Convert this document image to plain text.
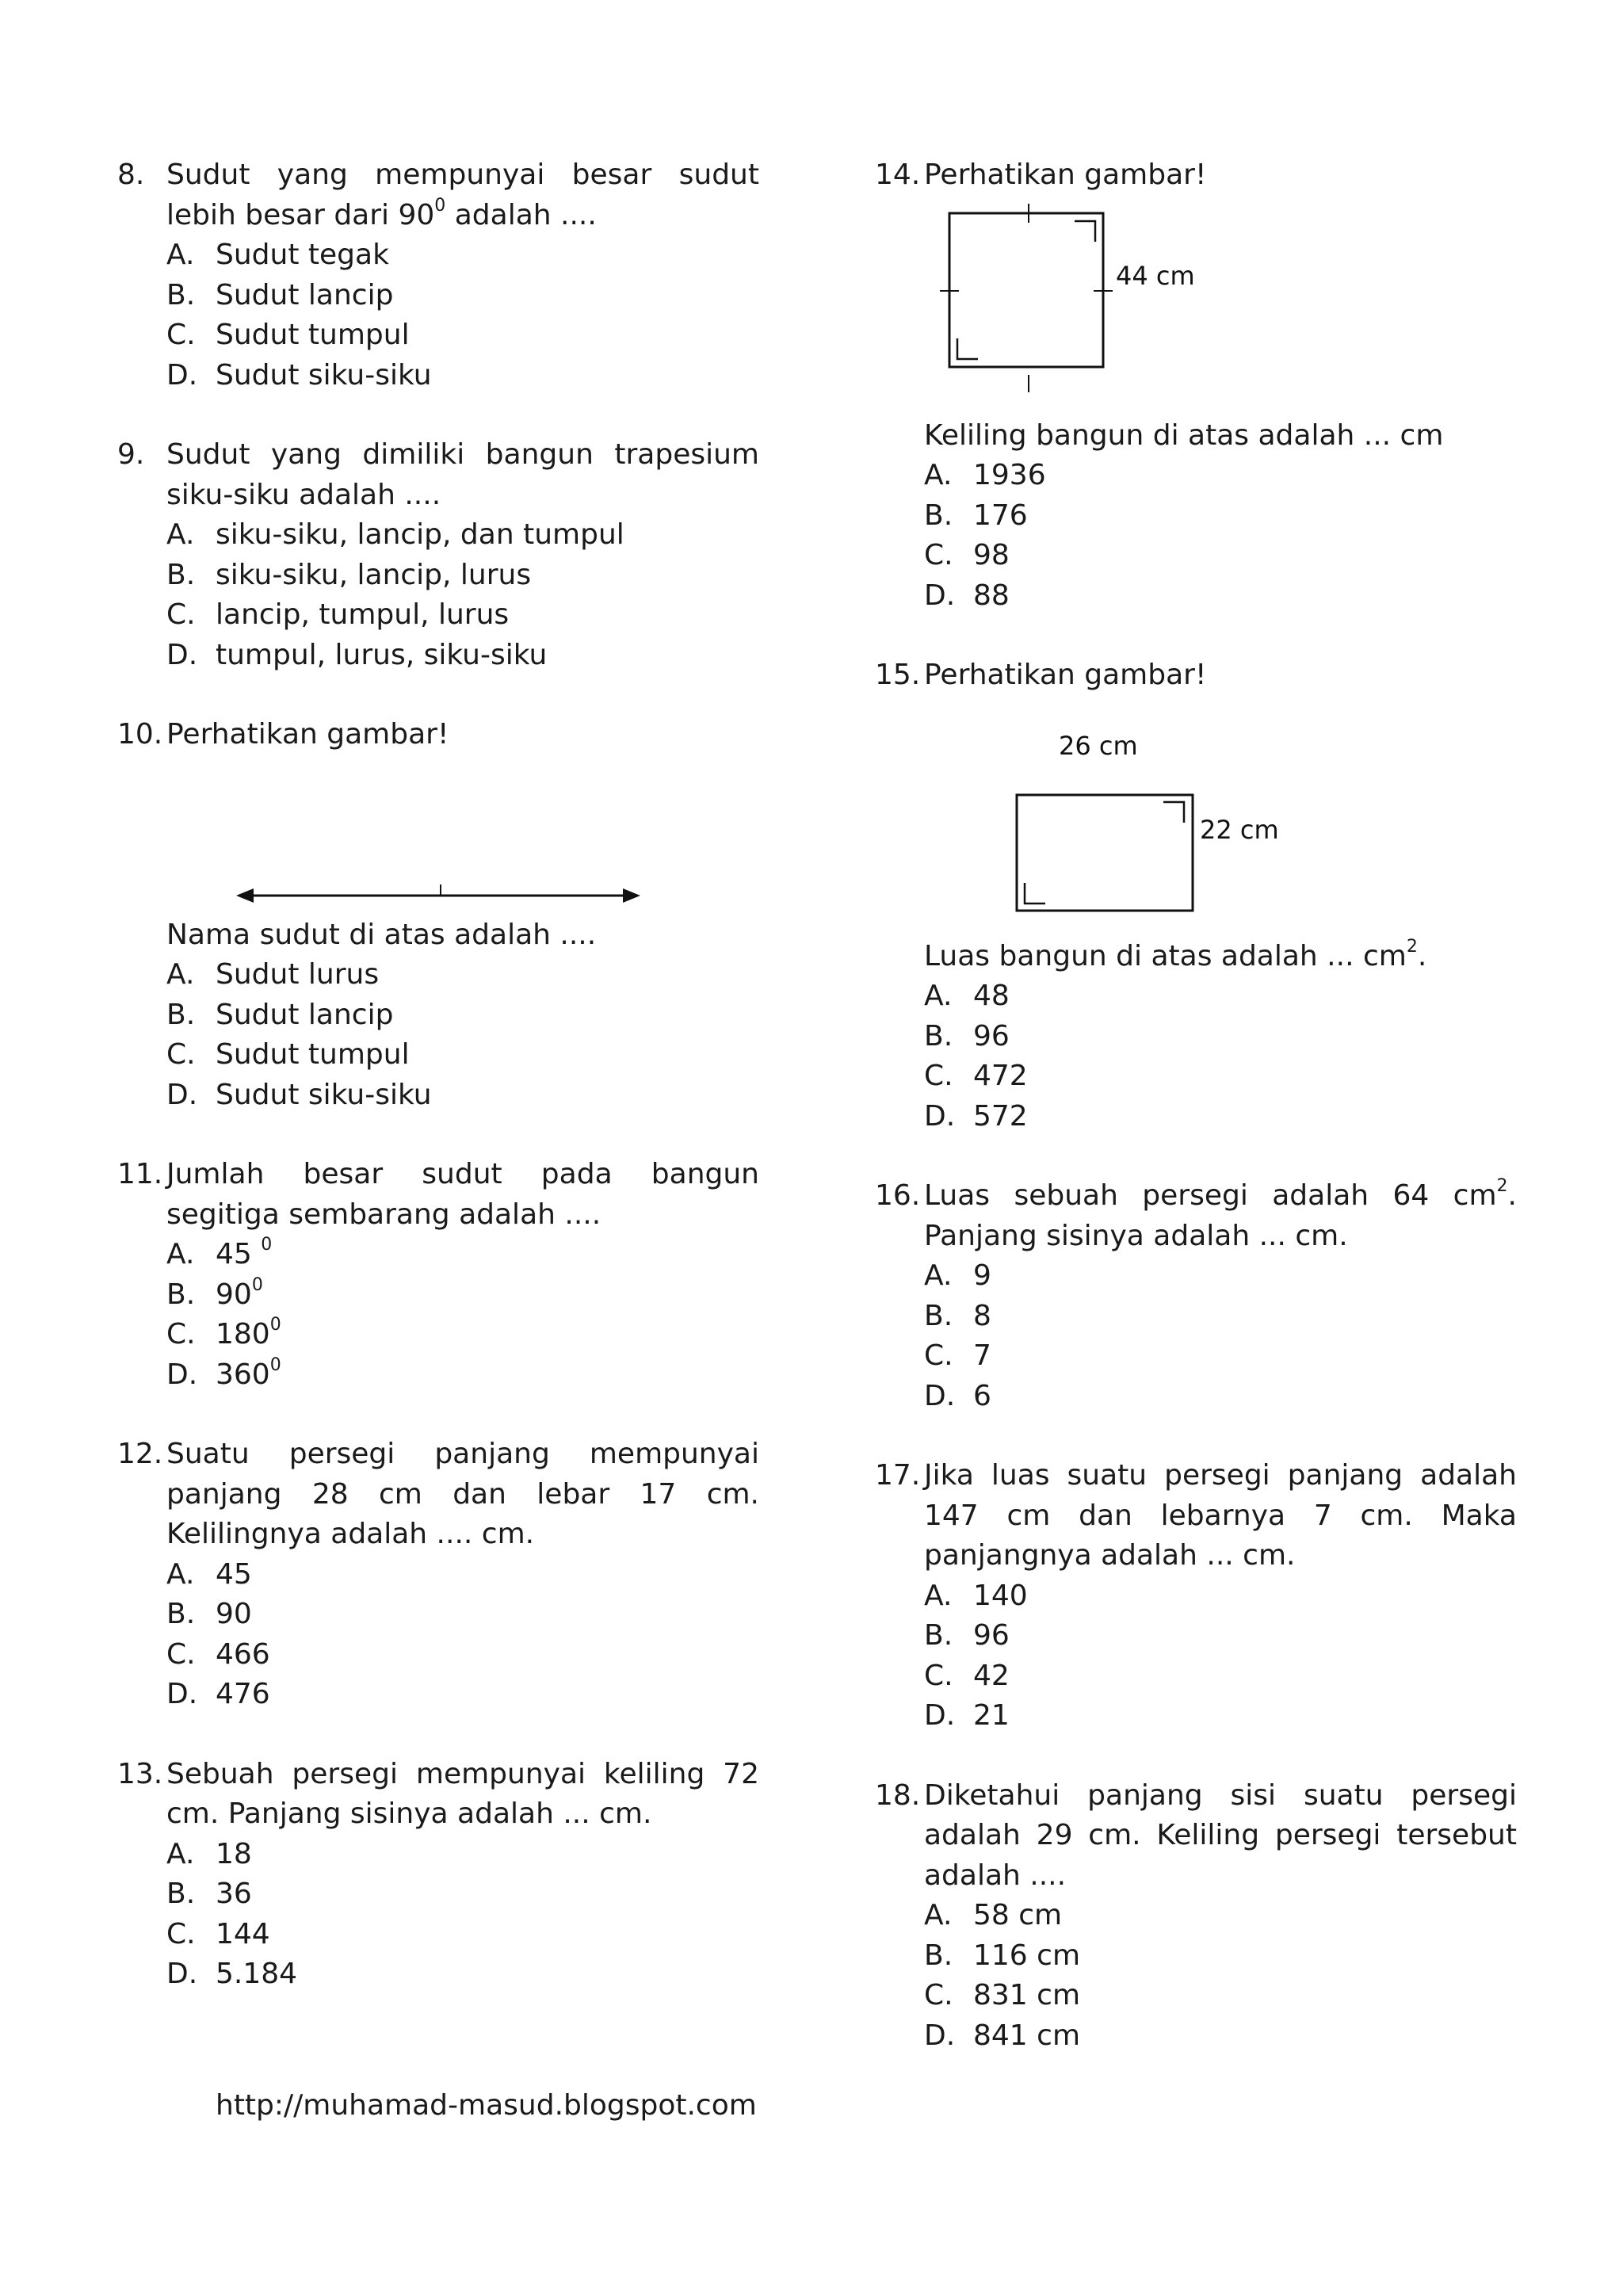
8. Sudut yang mempunyai besar sudut lebih besar dari $90^0$ adalah ....
A. Sudut tegak
B. Sudut lancip
C. Sudut tumpul
D. Sudut siku-siku
9. Sudut yang dimiliki bangun trapesium siku-siku adalah ....
A. siku-siku, lancip, dan tumpul
B. siku-siku, lancip, lurus
C. lancip, tumpul, lurus
D. tumpul, lurus, siku-siku
10. Perhatikan gambar!
Nama sudut di atas adalah ....
A. Sudut lurus
B. Sudut lancip
C. Sudut tumpul
D. Sudut siku-siku
11. Jumlah besar sudut pada bangun segitiga sembarang adalah ....
A. 45 $^0$
B. $90^0$
C. $180^0$
D. $360^0$
12. Suatu persegi panjang mempunyai panjang 28 cm dan lebar 17 cm. Kelilingnya adalah .... cm.
A. 45
B. 90
C. 466
D. 476
13. Sebuah persegi mempunyai keliling 72 cm. Panjang sisinya adalah ... cm.
A. 18
B. 36
C. 144
D. 5.184
14. Perhatikan gambar!
44 cm
Keliling bangun di atas adalah ... cm
A. 1936
B. 176
C. 98
D. 88
15. Perhatikan gambar!
26 cm
22 cm
Luas bangun di atas adalah ... $cm^2$.
A. 48
B. 96
C. 472
D. 572
16. Luas sebuah persegi adalah 64 $cm^2$. Panjang sisinya adalah ... cm.
A. 9
B. 8
C. 7
D. 6
17. Jika luas suatu persegi panjang adalah 147 cm dan lebarnya 7 cm. Maka panjangnya adalah ... cm.
A. 140
B. 96
C. 42
D. 21
18. Diketahui panjang sisi suatu persegi adalah 29 cm. Keliling persegi tersebut adalah ....
A. 58 cm
B. 116 cm
C. 831 cm
D. 841 cm
http://muhamad-masud.blogspot.com
